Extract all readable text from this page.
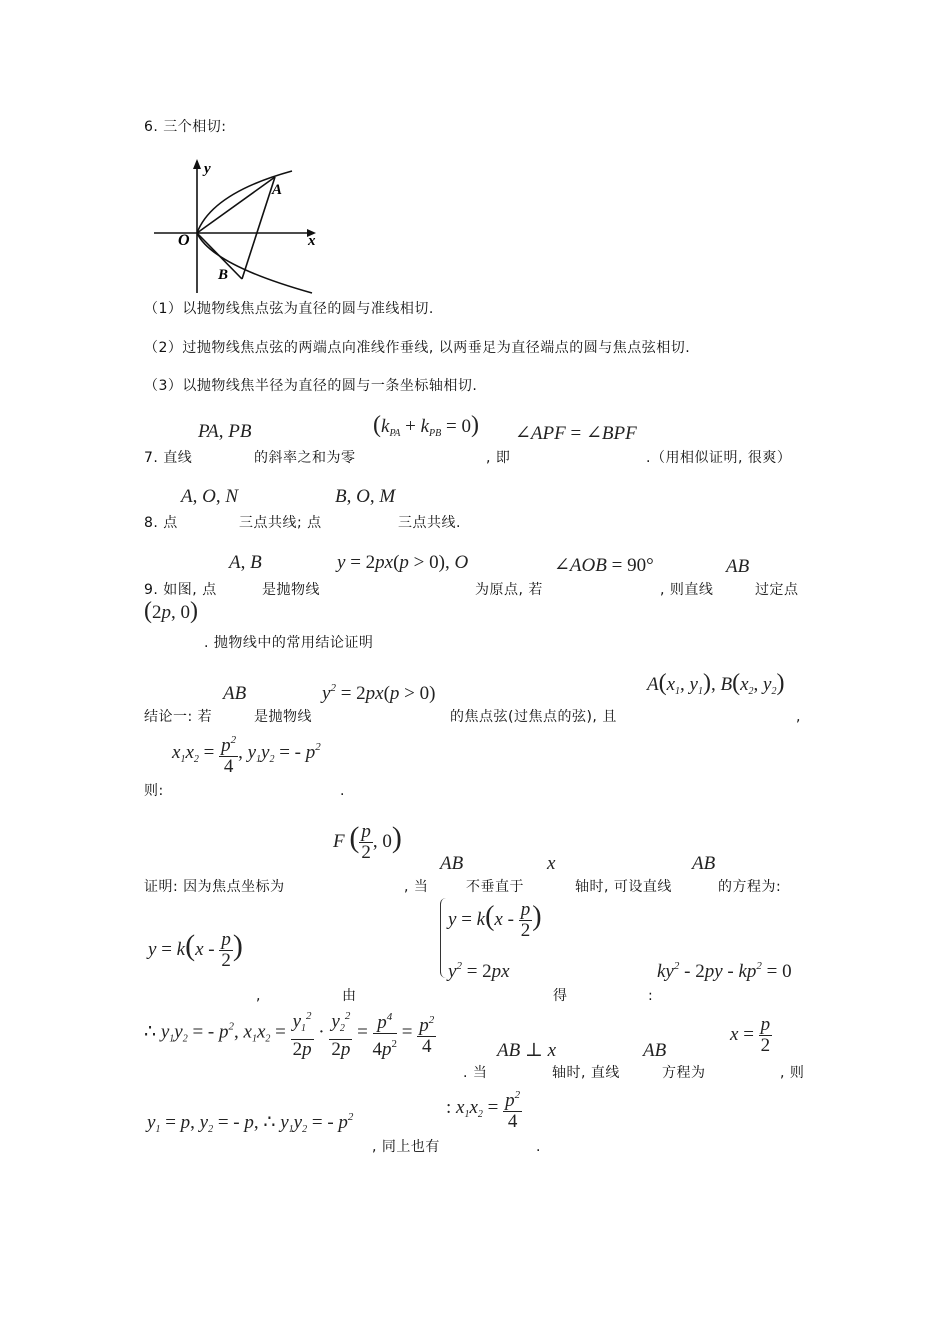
6. 三个相切:
y
x
O
A
B
（1）以抛物线焦点弦为直径的圆与准线相切.
（2）过抛物线焦点弦的两端点向准线作垂线, 以两垂足为直径端点的圆与焦点弦相切.
（3）以抛物线焦半径为直径的圆与一条坐标轴相切.
PA, PB	$(k_{PA} + k_{PB} = 0)$ ∠APF = ∠BPF
7. 直线	的斜率之和为零	, 即	.（用相似证明, 很爽）
A, O, N	B, O, M
8. 点	三点共线; 点	三点共线.
A, B	y = 2px(p > 0), O	∠AOB = 90°	AB
9. 如图, 点	是抛物线	为原点, 若	, 则直线	过定点
(2p, 0)
. 抛物线中的常用结论证明
AB	$y^2 = 2px(p > 0)$	$A(x_1$, $y_1$), $B(x_2$, $y_2$)
结论一: 若	是抛物线	的焦点弦(过焦点的弦), 且	,
$x_1x_2 = \frac{p^2}{4}$ , $y_1y_2$ = - $p^2$
则:	.
F ( $\frac{p}{2}$ , 0)
AB	x	AB
证明: 因为焦点坐标为	, 当	不垂直于	轴时, 可设直线	的方程为:
$y = k(x - \frac{p}{2}$ )
$y = k(x - \frac{p}{2}$ )
$y^2 = 2px$	$ky^2 - 2py - kp^2 = 0$
,	由	得	:
∴ $y_1y_2$ = - $p^2$, $x_1x_2 = \frac{y_1^2}{2p} \cdot \frac{y_2^2}{2p} = \frac{p^4}{4p^2} = \frac{p^2}{4}$	AB ⊥ x	AB
$x = \frac{p}{2}$
. 当	轴时, 直线	方程为	, 则
$y_1 = p$, $y_2$ = - p, ∴ $y_1y_2$ = - $p^2$	: $x_1x_2 = \frac{p^2}{4}$
, 同上也有	.
